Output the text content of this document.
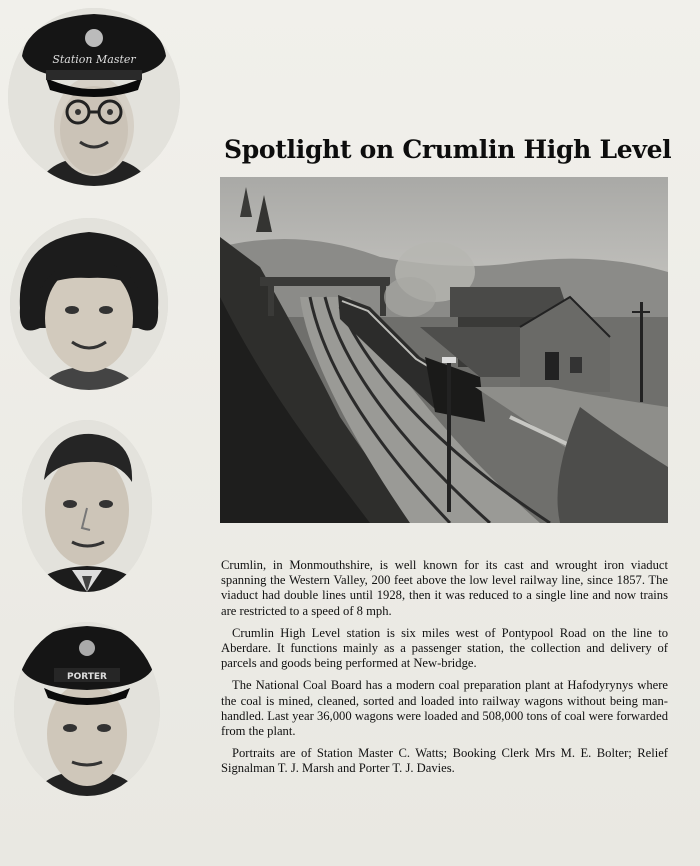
Station Master
PORTER
Spotlight on Crumlin High Level

Crumlin, in Monmouthshire, is well known for its cast and wrought iron viaduct spanning the Western Valley, 200 feet above the low level railway line, since 1857. The viaduct had double lines until 1928, then it was reduced to a single line and now trains are restricted to a speed of 8 mph.

Crumlin High Level station is six miles west of Pontypool Road on the line to Aberdare. It functions mainly as a passenger station, the collection and delivery of parcels and goods being performed at New-bridge.

The National Coal Board has a modern coal preparation plant at Hafodyrynys where the coal is mined, cleaned, sorted and loaded into railway wagons without being man-handled. Last year 36,000 wagons were loaded and 508,000 tons of coal were forwarded from the plant.

Portraits are of Station Master C. Watts; Booking Clerk Mrs M. E. Bolter; Relief Signalman T. J. Marsh and Porter T. J. Davies.
